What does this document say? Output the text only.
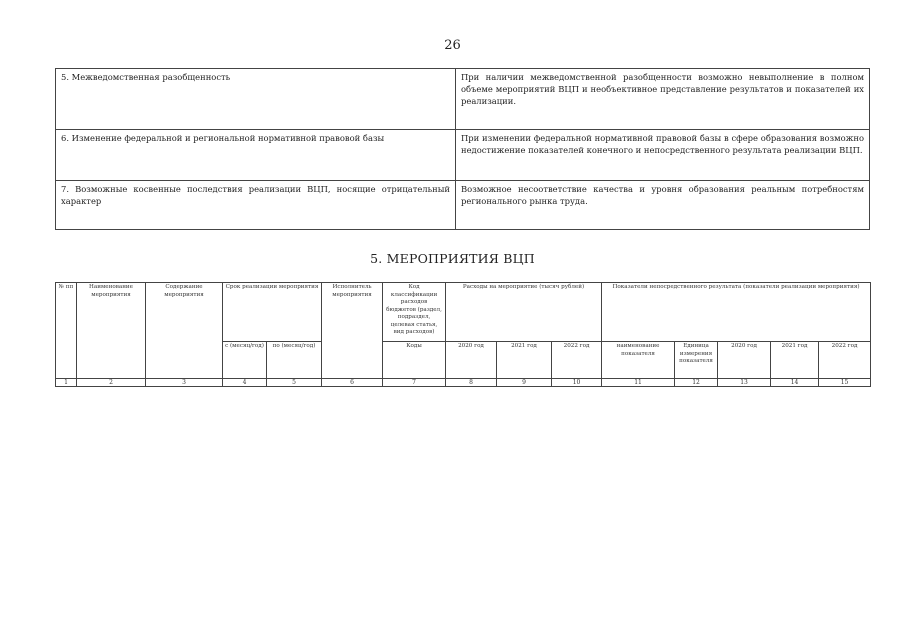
26
5. Межведомственная разобщенность	При наличии межведомственной разобщенности возможно невыполнение в полном объеме мероприятий ВЦП и необъективное представление результатов и показателей их реализации.
6. Изменение федеральной и региональной нормативной правовой базы	При изменении федеральной нормативной правовой базы в сфере образования возможно недостижение показателей конечного и непосредственного результата реализации ВЦП.
7. Возможные косвенные последствия реализации ВЦП, носящие отрицательный характер	Возможное несоответствие качества и уровня образования реальным потребностям регионального рынка труда.
5. МЕРОПРИЯТИЯ ВЦП
№ пп	Наименование мероприятия	Содержание мероприятия	Срок реализации мероприятия		Исполнитель мероприятия	Код классификации расходов бюджетов (раздел, подраздел, целевая статья, вид расходов)	Расходы на мероприятие (тысяч рублей)			Показатели непосредственного результата (показатели реализации мероприятия)				
			с (месяц/год)	по (месяц/год)		Коды	2020 год	2021 год	2022 год	наименование показателя	Единица измерения показателя	2020 год	2021 год	2022 год
1	2	3	4	5	6	7	8	9	10	11	12	13	14	15
